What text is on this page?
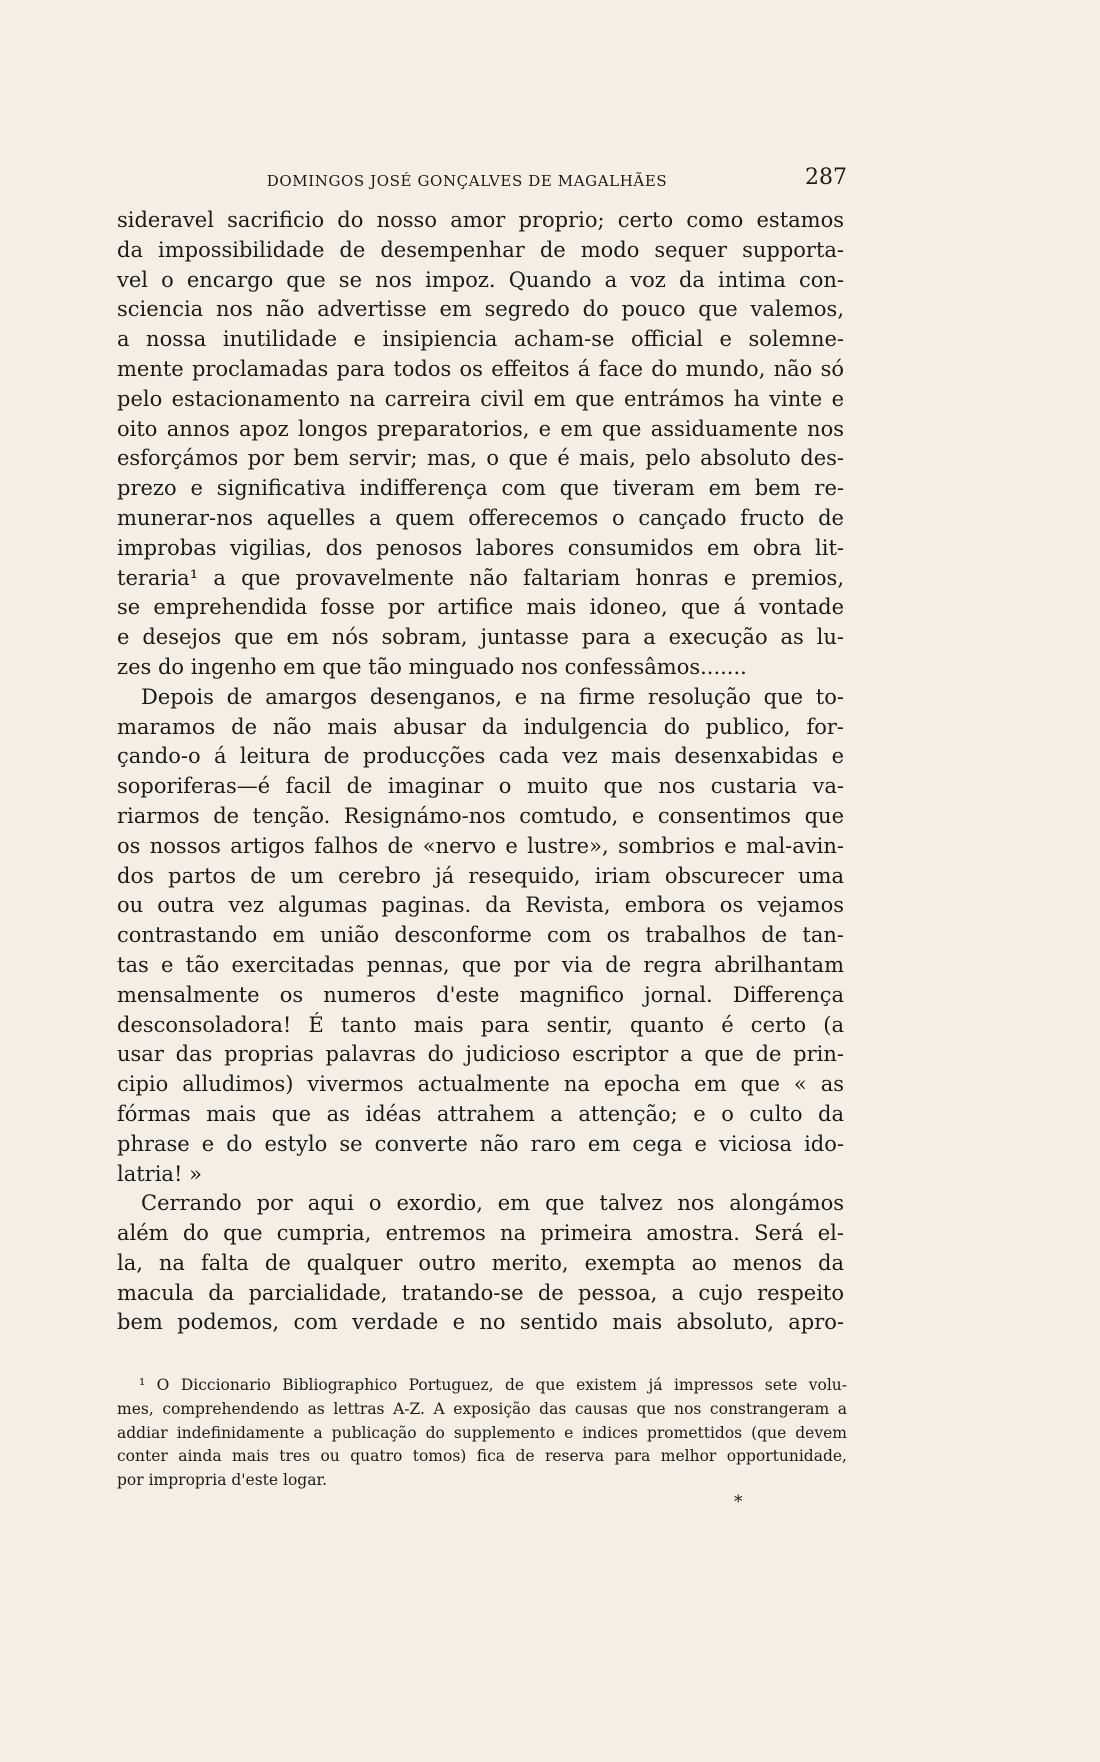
DOMINGOS JOSÉ GONÇALVES DE MAGALHÃES	287
sideravel sacrificio do nosso amor proprio; certo como estamos
da impossibilidade de desempenhar de modo sequer supporta-
vel o encargo que se nos impoz. Quando a voz da intima con-
sciencia nos não advertisse em segredo do pouco que valemos,
a nossa inutilidade e insipiencia acham-se official e solemne-
mente proclamadas para todos os effeitos á face do mundo, não só
pelo estacionamento na carreira civil em que entrámos ha vinte e
oito annos apoz longos preparatorios, e em que assiduamente nos
esforçámos por bem servir; mas, o que é mais, pelo absoluto des-
prezo e significativa indifferença com que tiveram em bem re-
munerar-nos aquelles a quem offerecemos o cançado fructo de
improbas vigilias, dos penosos labores consumidos em obra lit-
teraria¹ a que provavelmente não faltariam honras e premios,
se emprehendida fosse por artifice mais idoneo, que á vontade
e desejos que em nós sobram, juntasse para a execução as lu-
zes do ingenho em que tão minguado nos confessâmos.......
Depois de amargos desenganos, e na firme resolução que to-
maramos de não mais abusar da indulgencia do publico, for-
çando-o á leitura de producções cada vez mais desenxabidas e
soporiferas—é facil de imaginar o muito que nos custaria va-
riarmos de tenção. Resignámo-nos comtudo, e consentimos que
os nossos artigos falhos de «nervo e lustre», sombrios e mal-avin-
dos partos de um cerebro já resequido, iriam obscurecer uma
ou outra vez algumas paginas. da Revista, embora os vejamos
contrastando em união desconforme com os trabalhos de tan-
tas e tão exercitadas pennas, que por via de regra abrilhantam
mensalmente os numeros d'este magnifico jornal. Differença
desconsoladora! É tanto mais para sentir, quanto é certo (a
usar das proprias palavras do judicioso escriptor a que de prin-
cipio alludimos) vivermos actualmente na epocha em que « as
fórmas mais que as idéas attrahem a attenção; e o culto da
phrase e do estylo se converte não raro em cega e viciosa ido-
latria! »
Cerrando por aqui o exordio, em que talvez nos alongámos
além do que cumpria, entremos na primeira amostra. Será el-
la, na falta de qualquer outro merito, exempta ao menos da
macula da parcialidade, tratando-se de pessoa, a cujo respeito
bem podemos, com verdade e no sentido mais absoluto, apro-
¹ O Diccionario Bibliographico Portuguez, de que existem já impressos sete volu-
mes, comprehendendo as lettras A-Z. A exposição das causas que nos constrangeram a
addiar indefinidamente a publicação do supplemento e indices promettidos (que devem
conter ainda mais tres ou quatro tomos) fica de reserva para melhor opportunidade,
por impropria d'este logar.
*
